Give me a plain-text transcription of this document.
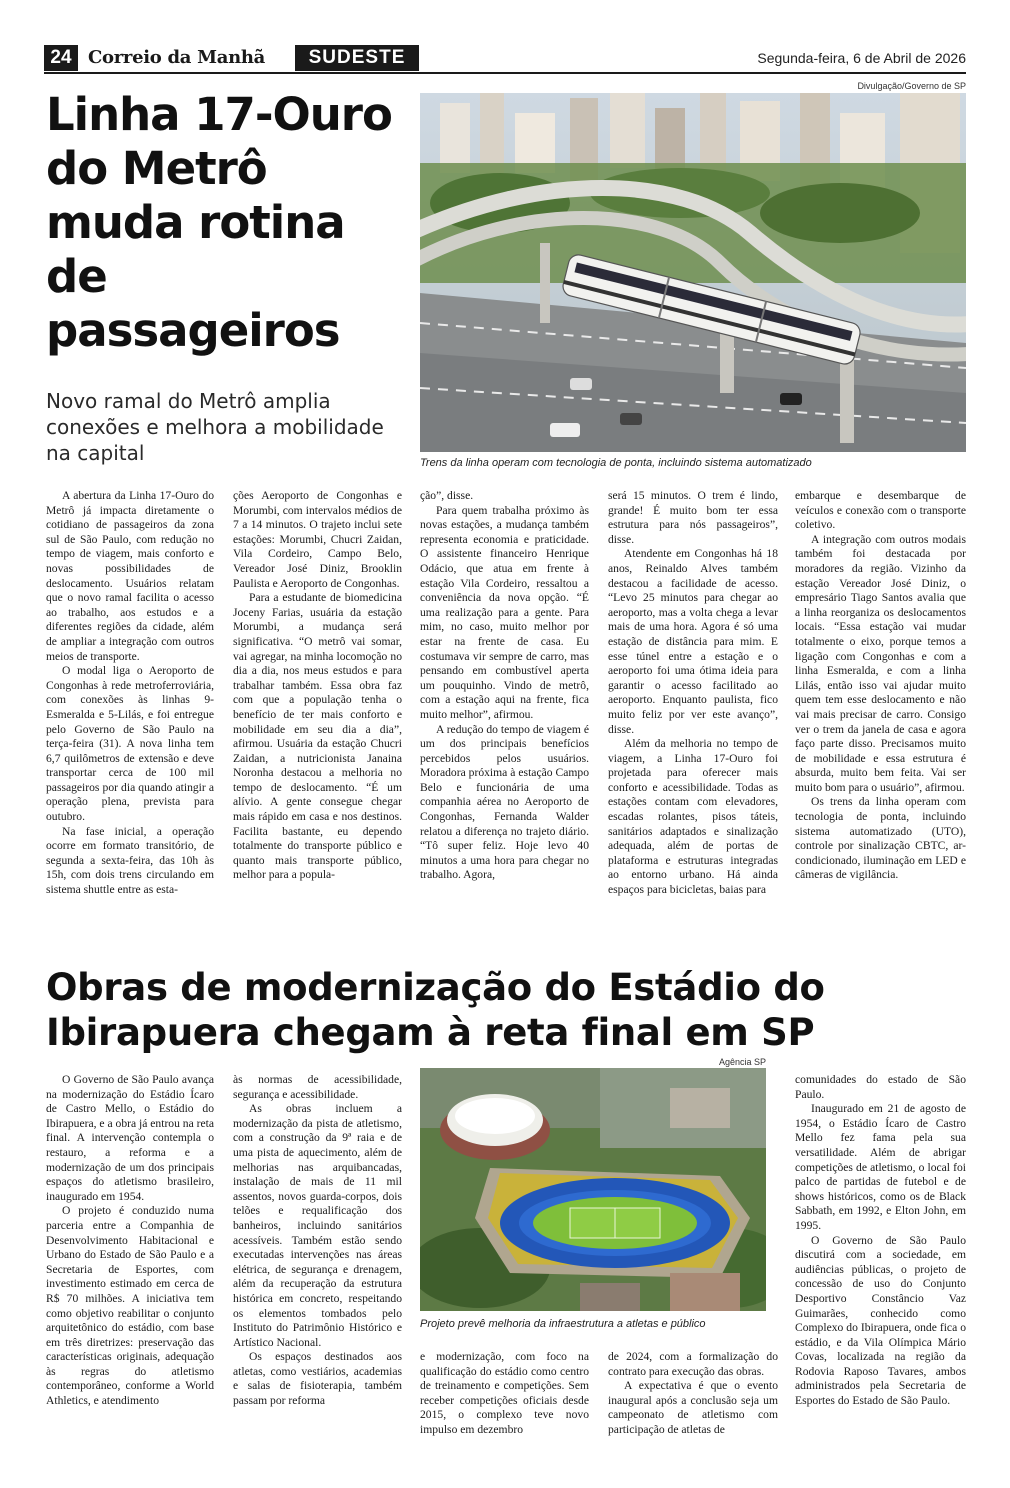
24 Correio da Manhã	SUDESTE	Segunda-feira, 6 de Abril de 2026
Linha 17-Ouro do Metrô muda rotina de passageiros
Novo ramal do Metrô amplia conexões e melhora a mobilidade na capital
Divulgação/Governo de SP
Trens da linha operam com tecnologia de ponta, incluindo sistema automatizado

A abertura da Linha 17-Ouro do Metrô já impacta diretamente o cotidiano de passageiros da zona sul de São Paulo, com redução no tempo de viagem, mais conforto e novas possibilidades de deslocamento. Usuários relatam que o novo ramal facilita o acesso ao trabalho, aos estudos e a diferentes regiões da cidade, além de ampliar a integração com outros meios de transporte.

O modal liga o Aeroporto de Congonhas à rede metroferroviária, com conexões às linhas 9-Esmeralda e 5-Lilás, e foi entregue pelo Governo de São Paulo na terça-feira (31). A nova linha tem 6,7 quilômetros de extensão e deve transportar cerca de 100 mil passageiros por dia quando atingir a operação plena, prevista para outubro.

Na fase inicial, a operação ocorre em formato transitório, de segunda a sexta-feira, das 10h às 15h, com dois trens circulando em sistema shuttle entre as esta-

ções Aeroporto de Congonhas e Morumbi, com intervalos médios de 7 a 14 minutos. O trajeto inclui sete estações: Morumbi, Chucri Zaidan, Vila Cordeiro, Campo Belo, Vereador José Diniz, Brooklin Paulista e Aeroporto de Congonhas.

Para a estudante de biomedicina Joceny Farias, usuária da estação Morumbi, a mudança será significativa. “O metrô vai somar, vai agregar, na minha locomoção no dia a dia, nos meus estudos e para trabalhar também. Essa obra faz com que a população tenha o benefício de ter mais conforto e mobilidade em seu dia a dia”, afirmou. Usuária da estação Chucri Zaidan, a nutricionista Janaina Noronha destacou a melhoria no tempo de deslocamento. “É um alívio. A gente consegue chegar mais rápido em casa e nos destinos. Facilita bastante, eu dependo totalmente do transporte público e quanto mais transporte público, melhor para a popula-

ção”, disse.

Para quem trabalha próximo às novas estações, a mudança também representa economia e praticidade. O assistente financeiro Henrique Odácio, que atua em frente à estação Vila Cordeiro, ressaltou a conveniência da nova opção. “É uma realização para a gente. Para mim, no caso, muito melhor por estar na frente de casa. Eu costumava vir sempre de carro, mas pensando em combustível aperta um pouquinho. Vindo de metrô, com a estação aqui na frente, fica muito melhor”, afirmou.

A redução do tempo de viagem é um dos principais benefícios percebidos pelos usuários. Moradora próxima à estação Campo Belo e funcionária de uma companhia aérea no Aeroporto de Congonhas, Fernanda Walder relatou a diferença no trajeto diário. “Tô super feliz. Hoje levo 40 minutos a uma hora para chegar no trabalho. Agora,

será 15 minutos. O trem é lindo, grande! É muito bom ter essa estrutura para nós passageiros”, disse.

Atendente em Congonhas há 18 anos, Reinaldo Alves também destacou a facilidade de acesso. “Levo 25 minutos para chegar ao aeroporto, mas a volta chega a levar mais de uma hora. Agora é só uma estação de distância para mim. E esse túnel entre a estação e o aeroporto foi uma ótima ideia para garantir o acesso facilitado ao aeroporto. Enquanto paulista, fico muito feliz por ver este avanço”, disse.

Além da melhoria no tempo de viagem, a Linha 17-Ouro foi projetada para oferecer mais conforto e acessibilidade. Todas as estações contam com elevadores, escadas rolantes, pisos táteis, sanitários adaptados e sinalização adequada, além de portas de plataforma e estruturas integradas ao entorno urbano. Há ainda espaços para bicicletas, baias para

embarque e desembarque de veículos e conexão com o transporte coletivo.

A integração com outros modais também foi destacada por moradores da região. Vizinho da estação Vereador José Diniz, o empresário Tiago Santos avalia que a linha reorganiza os deslocamentos locais. “Essa estação vai mudar totalmente o eixo, porque temos a ligação com Congonhas e com a linha Esmeralda, e com a linha Lilás, então isso vai ajudar muito quem tem esse deslocamento e não vai mais precisar de carro. Consigo ver o trem da janela de casa e agora faço parte disso. Precisamos muito de mobilidade e essa estrutura é absurda, muito bem feita. Vai ser muito bom para o usuário”, afirmou.

Os trens da linha operam com tecnologia de ponta, incluindo sistema automatizado (UTO), controle por sinalização CBTC, ar-condicionado, iluminação em LED e câmeras de vigilância.

Obras de modernização do Estádio do Ibirapuera chegam à reta final em SP
Agência SP
Projeto prevê melhoria da infraestrutura a atletas e público

O Governo de São Paulo avança na modernização do Estádio Ícaro de Castro Mello, o Estádio do Ibirapuera, e a obra já entrou na reta final. A intervenção contempla o restauro, a reforma e a modernização de um dos principais espaços do atletismo brasileiro, inaugurado em 1954.

O projeto é conduzido numa parceria entre a Companhia de Desenvolvimento Habitacional e Urbano do Estado de São Paulo e a Secretaria de Esportes, com investimento estimado em cerca de R$ 70 milhões. A iniciativa tem como objetivo reabilitar o conjunto arquitetônico do estádio, com base em três diretrizes: preservação das características originais, adequação às regras do atletismo contemporâneo, conforme a World Athletics, e atendimento

às normas de acessibilidade, segurança e acessibilidade.

As obras incluem a modernização da pista de atletismo, com a construção da 9ª raia e de uma pista de aquecimento, além de melhorias nas arquibancadas, instalação de mais de 11 mil assentos, novos guarda-corpos, dois telões e requalificação dos banheiros, incluindo sanitários acessíveis. Também estão sendo executadas intervenções nas áreas elétrica, de segurança e drenagem, além da recuperação da estrutura histórica em concreto, respeitando os elementos tombados pelo Instituto do Patrimônio Histórico e Artístico Nacional.

Os espaços destinados aos atletas, como vestiários, academias e salas de fisioterapia, também passam por reforma

e modernização, com foco na qualificação do estádio como centro de treinamento e competições. Sem receber competições oficiais desde 2015, o complexo teve novo impulso em dezembro

de 2024, com a formalização do contrato para execução das obras.

A expectativa é que o evento inaugural após a conclusão seja um campeonato de atletismo com participação de atletas de

comunidades do estado de São Paulo.

Inaugurado em 21 de agosto de 1954, o Estádio Ícaro de Castro Mello fez fama pela sua versatilidade. Além de abrigar competições de atletismo, o local foi palco de partidas de futebol e de shows históricos, como os de Black Sabbath, em 1992, e Elton John, em 1995.

O Governo de São Paulo discutirá com a sociedade, em audiências públicas, o projeto de concessão de uso do Conjunto Desportivo Constâncio Vaz Guimarães, conhecido como Complexo do Ibirapuera, onde fica o estádio, e da Vila Olímpica Mário Covas, localizada na região da Rodovia Raposo Tavares, ambos administrados pela Secretaria de Esportes do Estado de São Paulo.
